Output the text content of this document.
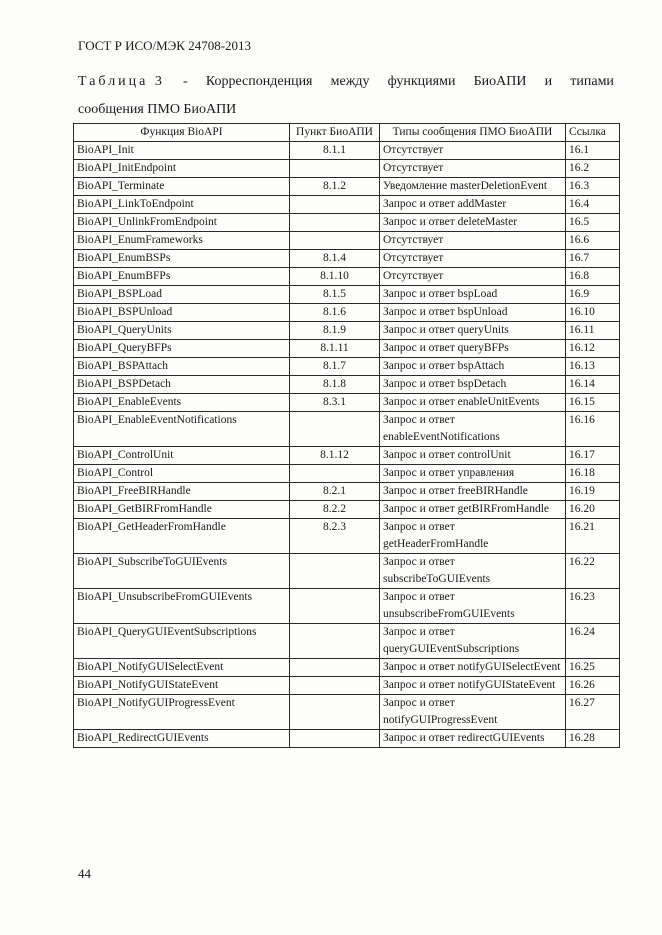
ГОСТ Р ИСО/МЭК 24708-2013
Таблица 3 - Корреспонденция между функциями БиоАПИ и типами
сообщения ПМО БиоАПИ
Функция BioAPI	Пункт БиоАПИ	Типы сообщения ПМО БиоАПИ	Ссылка
BioAPI_Init	8.1.1	Отсутствует	16.1
BioAPI_InitEndpoint		Отсутствует	16.2
BioAPI_Terminate	8.1.2	Уведомление masterDeletionEvent	16.3
BioAPI_LinkToEndpoint		Запрос и ответ addMaster	16.4
BioAPI_UnlinkFromEndpoint		Запрос и ответ deleteMaster	16.5
BioAPI_EnumFrameworks		Отсутствует	16.6
BioAPI_EnumBSPs	8.1.4	Отсутствует	16.7
BioAPI_EnumBFPs	8.1.10	Отсутствует	16.8
BioAPI_BSPLoad	8.1.5	Запрос и ответ bspLoad	16.9
BioAPI_BSPUnload	8.1.6	Запрос и ответ bspUnload	16.10
BioAPI_QueryUnits	8.1.9	Запрос и ответ queryUnits	16.11
BioAPI_QueryBFPs	8.1.11	Запрос и ответ queryBFPs	16.12
BioAPI_BSPAttach	8.1.7	Запрос и ответ bspAttach	16.13
BioAPI_BSPDetach	8.1.8	Запрос и ответ bspDetach	16.14
BioAPI_EnableEvents	8.3.1	Запрос и ответ enableUnitEvents	16.15
BioAPI_EnableEventNotifications		Запрос и ответ enableEventNotifications	16.16
BioAPI_ControlUnit	8.1.12	Запрос и ответ controlUnit	16.17
BioAPI_Control		Запрос и ответ управления	16.18
BioAPI_FreeBIRHandle	8.2.1	Запрос и ответ freeBIRHandle	16.19
BioAPI_GetBIRFromHandle	8.2.2	Запрос и ответ getBIRFromHandle	16.20
BioAPI_GetHeaderFromHandle	8.2.3	Запрос и ответ getHeaderFromHandle	16.21
BioAPI_SubscribeToGUIEvents		Запрос и ответ subscribeToGUIEvents	16.22
BioAPI_UnsubscribeFromGUIEvents		Запрос и ответ unsubscribeFromGUIEvents	16.23
BioAPI_QueryGUIEventSubscriptions		Запрос и ответ queryGUIEventSubscriptions	16.24
BioAPI_NotifyGUISelectEvent		Запрос и ответ notifyGUISelectEvent	16.25
BioAPI_NotifyGUIStateEvent		Запрос и ответ notifyGUIStateEvent	16.26
BioAPI_NotifyGUIProgressEvent		Запрос и ответ notifyGUIProgressEvent	16.27
BioAPI_RedirectGUIEvents		Запрос и ответ redirectGUIEvents	16.28
44
